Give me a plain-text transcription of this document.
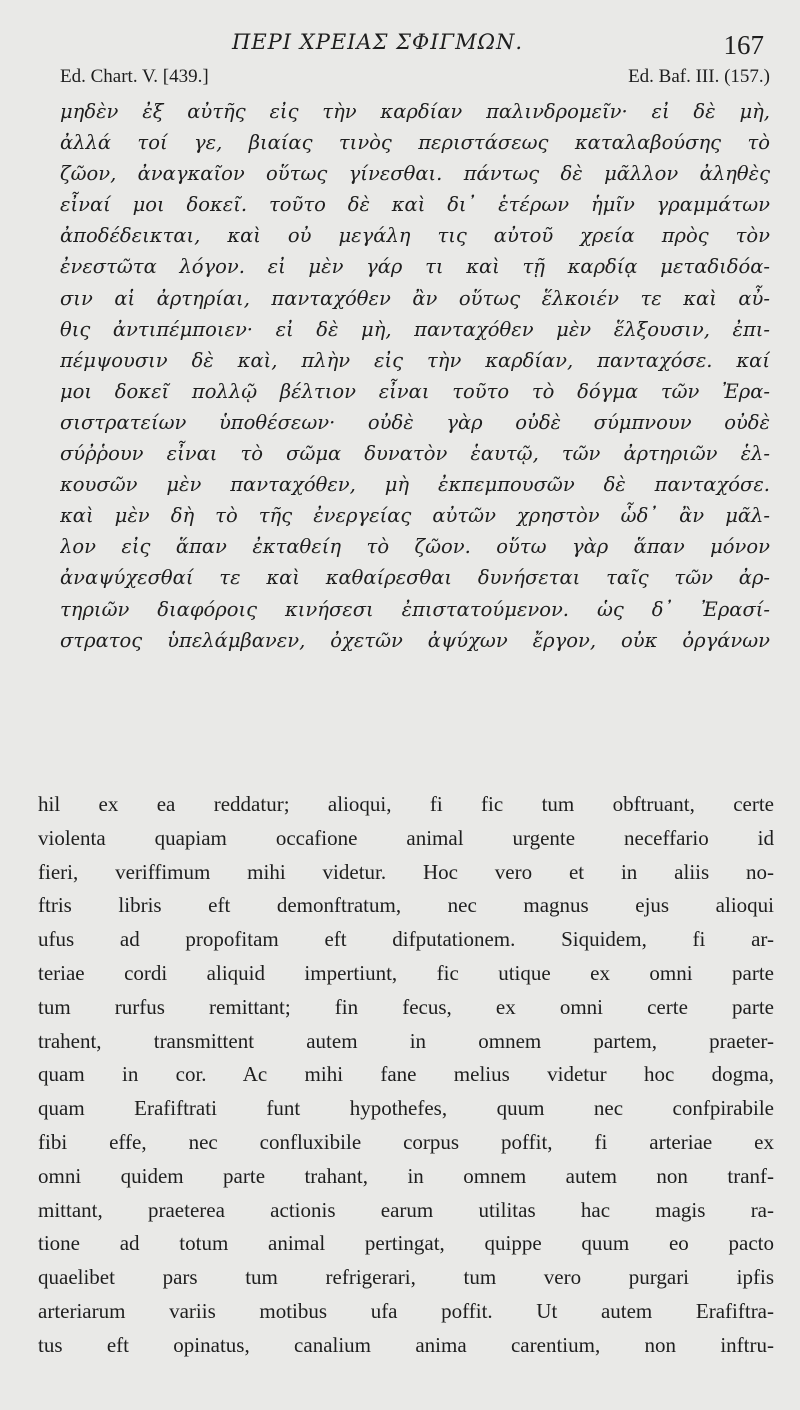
ΠΕΡΙ ΧΡΕΙΑΣ ΣΦΙΓΜΩΝ.	167
Ed. Chart. V. [439.]	Ed. Baf. III. (157.)
μηδὲν ἐξ αὐτῆς εἰς τὴν καρδίαν παλινδρομεῖν· εἰ δὲ μὴ,
ἀλλά τοί γε, βιαίας τινὸς περιστάσεως καταλαβούσης τὸ
ζῶον, ἀναγκαῖον οὕτως γίνεσθαι. πάντως δὲ μᾶλλον ἀληθὲς
εἶναί μοι δοκεῖ. τοῦτο δὲ καὶ δι᾽ ἑτέρων ἡμῖν γραμμάτων
ἀποδέδεικται, καὶ οὐ μεγάλη τις αὐτοῦ χρεία πρὸς τὸν
ἐνεστῶτα λόγον. εἰ μὲν γάρ τι καὶ τῇ καρδίᾳ μεταδιδόα-
σιν αἱ ἀρτηρίαι, πανταχόθεν ἂν οὕτως ἕλκοιέν τε καὶ αὖ-
θις ἀντιπέμποιεν· εἰ δὲ μὴ, πανταχόθεν μὲν ἕλξουσιν, ἐπι-
πέμψουσιν δὲ καὶ, πλὴν εἰς τὴν καρδίαν, πανταχόσε. καί
μοι δοκεῖ πολλῷ βέλτιον εἶναι τοῦτο τὸ δόγμα τῶν Ἐρα-
σιστρατείων ὑποθέσεων· οὐδὲ γὰρ οὐδὲ σύμπνουν οὐδὲ
σύῤῥουν εἶναι τὸ σῶμα δυνατὸν ἑαυτῷ, τῶν ἀρτηριῶν ἑλ-
κουσῶν μὲν πανταχόθεν, μὴ ἐκπεμπουσῶν δὲ πανταχόσε.
καὶ μὲν δὴ τὸ τῆς ἐνεργείας αὐτῶν χρηστὸν ὧδ᾽ ἂν μᾶλ-
λον εἰς ἅπαν ἐκταθείη τὸ ζῶον. οὕτω γὰρ ἅπαν μόνον
ἀναψύχεσθαί τε καὶ καθαίρεσθαι δυνήσεται ταῖς τῶν ἀρ-
τηριῶν διαφόροις κινήσεσι ἐπιστατούμενον. ὡς δ᾽ Ἐρασί-
στρατος ὑπελάμβανεν, ὀχετῶν ἀψύχων ἔργον, οὐκ ὀργάνων
hil ex ea reddatur; alioqui, fi fic tum obftruant, certe
violenta quapiam occafione animal urgente neceffario id
fieri, veriffimum mihi videtur. Hoc vero et in aliis no-
ftris libris eft demonftratum, nec magnus ejus alioqui
ufus ad propofitam eft difputationem. Siquidem, fi ar-
teriae cordi aliquid impertiunt, fic utique ex omni parte
tum rurfus remittant; fin fecus, ex omni certe parte
trahent, transmittent autem in omnem partem, praeter-
quam in cor. Ac mihi fane melius videtur hoc dogma,
quam Erafiftrati funt hypothefes, quum nec confpirabile
fibi effe, nec confluxibile corpus poffit, fi arteriae ex
omni quidem parte trahant, in omnem autem non tranf-
mittant, praeterea actionis earum utilitas hac magis ra-
tione ad totum animal pertingat, quippe quum eo pacto
quaelibet pars tum refrigerari, tum vero purgari ipfis
arteriarum variis motibus ufa poffit. Ut autem Erafiftra-
tus eft opinatus, canalium anima carentium, non inftru-
